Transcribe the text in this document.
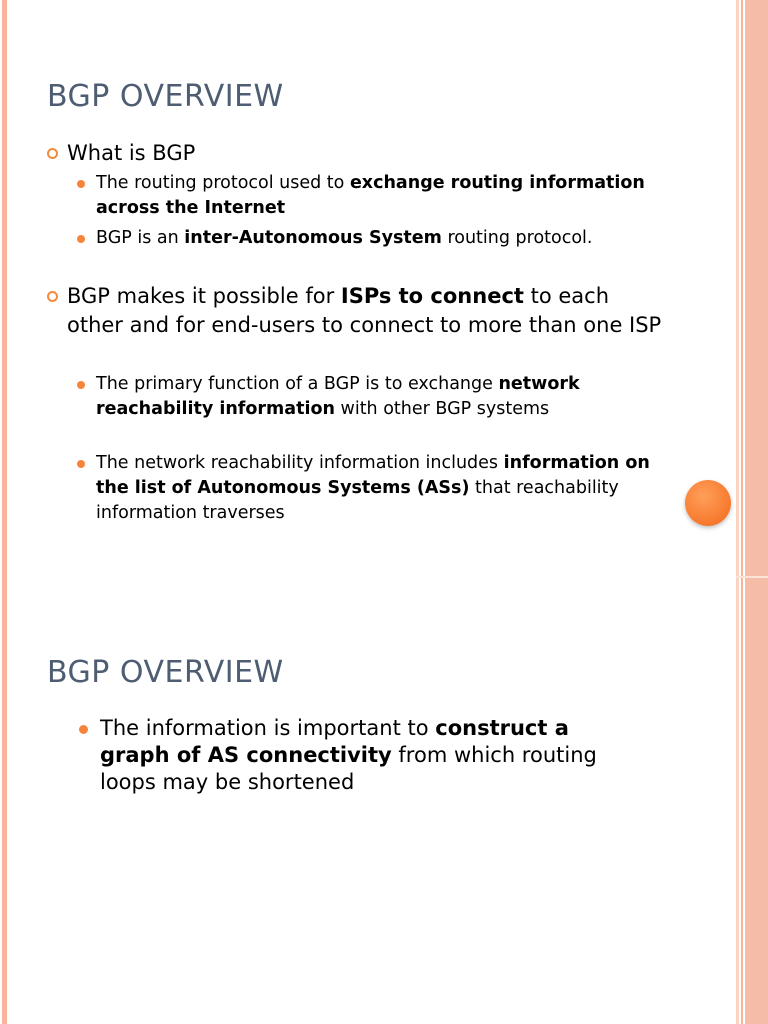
BGP OVERVIEW
What is BGP
The routing protocol used to exchange routing information across the Internet
BGP is an inter-Autonomous System routing protocol.
BGP makes it possible for ISPs to connect to each other and for end-users to connect to more than one ISP
The primary function of a BGP is to exchange network reachability information with other BGP systems
The network reachability information includes information on the list of Autonomous Systems (ASs) that reachability information traverses
BGP OVERVIEW
The information is important to construct a graph of AS connectivity from which routing loops may be shortened
